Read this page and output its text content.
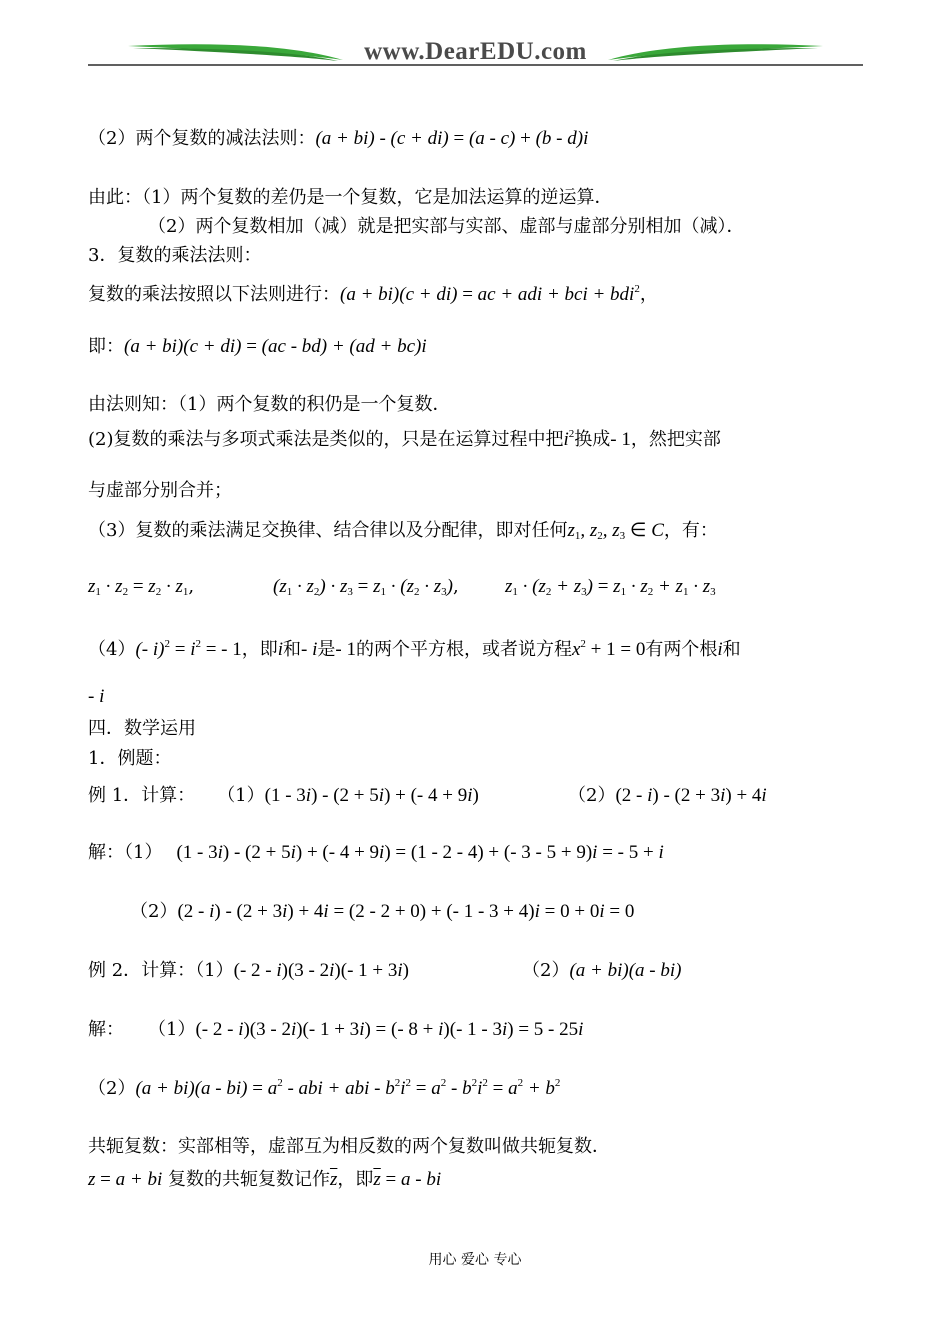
www.DearEDU.com
（2）两个复数的减法法则：(a + bi) - (c + di) = (a - c) + (b - d)i
由此：（1）两个复数的差仍是一个复数，它是加法运算的逆运算．
（2）两个复数相加（减）就是把实部与实部、虚部与虚部分别相加（减）．
3．复数的乘法法则：
复数的乘法按照以下法则进行：(a + bi)(c + di) = ac + adi + bci + bdi$^2$，
即：(a + bi)(c + di) = (ac - bd) + (ad + bc)i
由法则知：（1）两个复数的积仍是一个复数．
(2)复数的乘法与多项式乘法是类似的，只是在运算过程中把$i^2$换成- 1，然把实部
与虚部分别合并；
（3）复数的乘法满足交换律、结合律以及分配律，即对任何$z_1$, $z_2$, $z_3$ ∈ C，有：
$z_1 \cdot z_2 = z_2 \cdot z_1$,	$(z_1 \cdot z_2) \cdot z_3 = z_1 \cdot (z_2 \cdot z_3)$, $z_1 \cdot (z_2 + z_3) = z_1 \cdot z_2 + z_1 \cdot z_3$
（4）(- $i)^2 = i^2$ = - 1，即i和- i是- 1的两个平方根，或者说方程$x^2 + 1 = 0$有两个根i和
- i
四．数学运用
1．例题：
例 1．计算： （1）(1 - 3i) - (2 + 5i) + (- 4 + 9i)	（2）(2 - i) - (2 + 3i) + 4i
解：（1） (1 - 3i) - (2 + 5i) + (- 4 + 9i) = (1 - 2 - 4) + (- 3 - 5 + 9)i = - 5 + i
（2）(2 - i) - (2 + 3i) + 4i = (2 - 2 + 0) + (- 1 - 3 + 4)i = 0 + 0i = 0
例 2．计算：（1）(- 2 - i)(3 - 2i)(- 1 + 3i)	（2）(a + bi)(a - bi)
解： （1）(- 2 - i)(3 - 2i)(- 1 + 3i) = (- 8 + i)(- 1 - 3i) = 5 - 25i
$(2)(a + bi)(a - bi) = a^2$ - abi + abi - $b^2i^2 = a^2 - b^2i^2 = a^2 + b^2$
共轭复数：实部相等，虚部互为相反数的两个复数叫做共轭复数．
z = a + bi 复数的共轭复数记作$\overline{z}$，即$\overline{z} = a$ - bi
用心 爱心 专心
